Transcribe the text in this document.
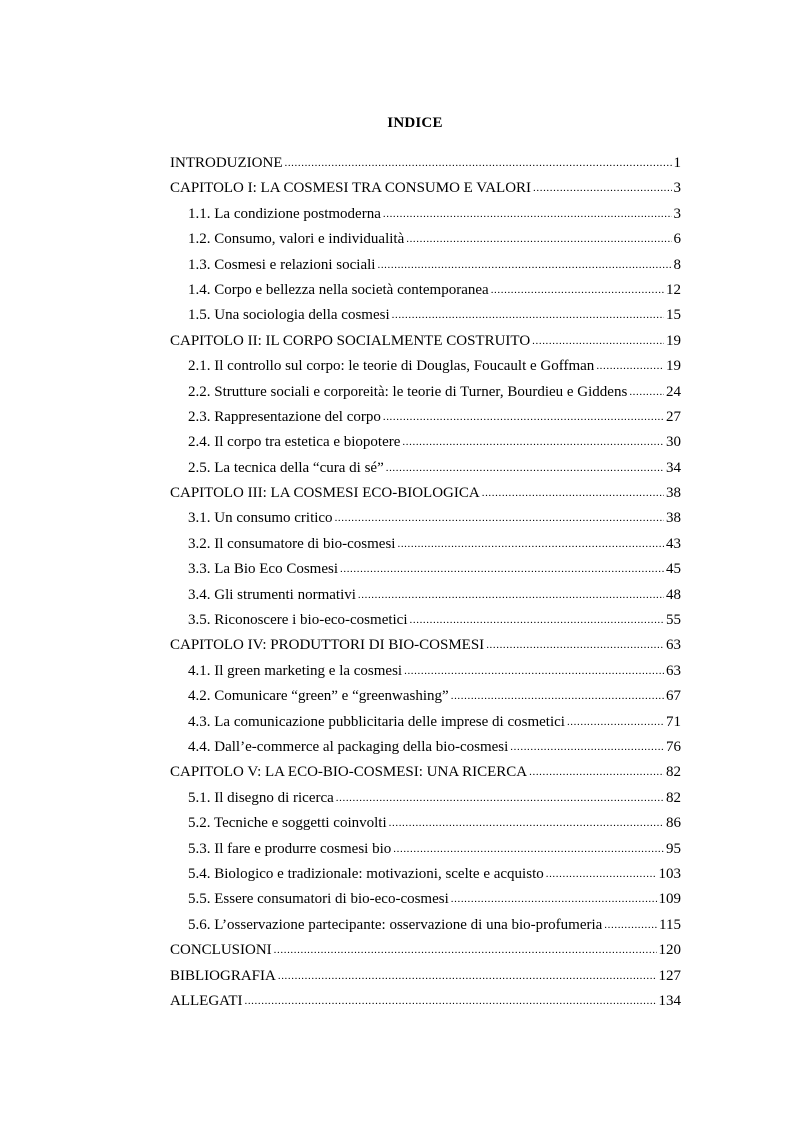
INDICE
INTRODUZIONE .....	1
CAPITOLO I: LA COSMESI TRA CONSUMO E VALORI .....	3
1.1. La condizione postmoderna .....	3
1.2. Consumo, valori e individualità .....	6
1.3. Cosmesi e relazioni sociali .....	8
1.4. Corpo e bellezza nella società contemporanea .....	12
1.5. Una sociologia della cosmesi .....	15
CAPITOLO II: IL CORPO SOCIALMENTE COSTRUITO .....	19
2.1. Il controllo sul corpo: le teorie di Douglas, Foucault e Goffman .....	19
2.2. Strutture sociali e corporeità: le teorie di Turner, Bourdieu e Giddens .....	24
2.3. Rappresentazione del corpo .....	27
2.4. Il corpo tra estetica e biopotere .....	30
2.5. La tecnica della “cura di sé” .....	34
CAPITOLO III: LA COSMESI ECO-BIOLOGICA .....	38
3.1. Un consumo critico .....	38
3.2. Il consumatore di bio-cosmesi .....	43
3.3. La Bio Eco Cosmesi .....	45
3.4. Gli strumenti normativi .....	48
3.5. Riconoscere i bio-eco-cosmetici .....	55
CAPITOLO IV: PRODUTTORI DI BIO-COSMESI .....	63
4.1. Il green marketing e la cosmesi .....	63
4.2. Comunicare “green” e “greenwashing” .....	67
4.3. La comunicazione pubblicitaria delle imprese di cosmetici .....	71
4.4. Dall’e-commerce al packaging della bio-cosmesi .....	76
CAPITOLO V: LA ECO-BIO-COSMESI: UNA RICERCA .....	82
5.1. Il disegno di ricerca .....	82
5.2. Tecniche e soggetti coinvolti .....	86
5.3. Il fare e produrre cosmesi bio .....	95
5.4. Biologico e tradizionale: motivazioni, scelte e acquisto .....	103
5.5. Essere consumatori di bio-eco-cosmesi .....	109
5.6. L’osservazione partecipante: osservazione di una bio-profumeria .....	115
CONCLUSIONI .....	120
BIBLIOGRAFIA .....	127
ALLEGATI .....	134
